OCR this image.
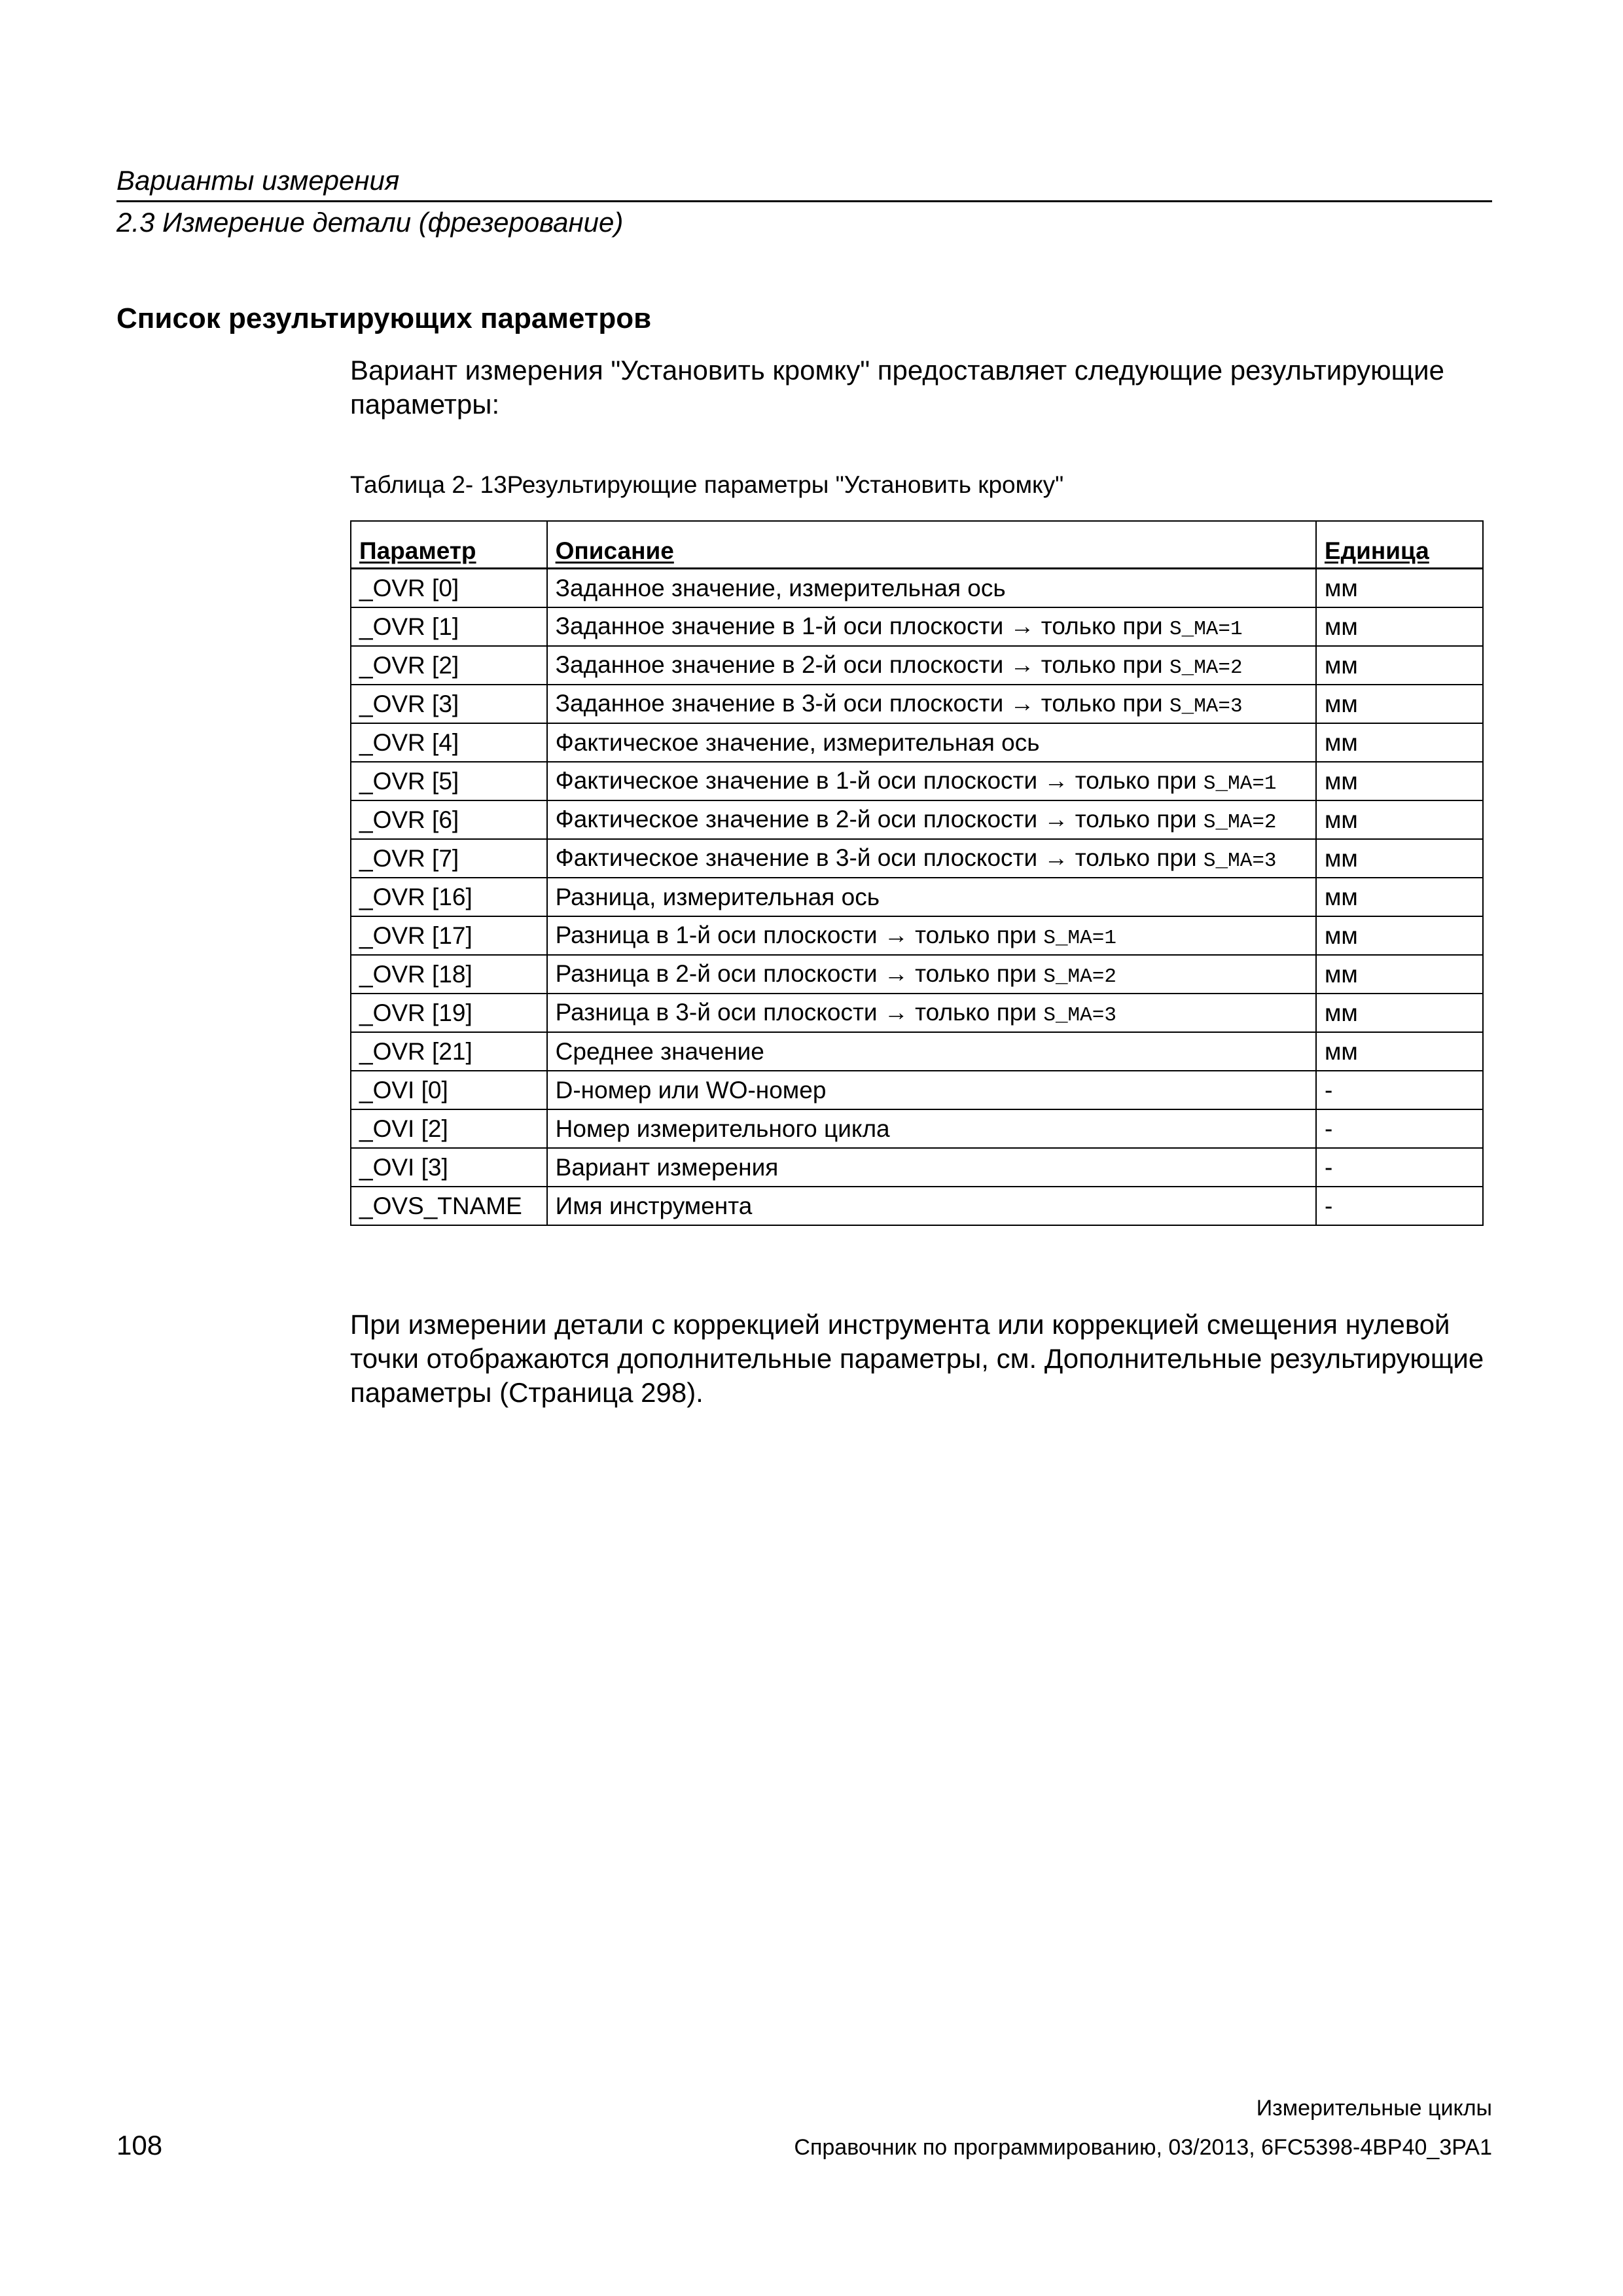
Варианты измерения
2.3 Измерение детали (фрезерование)
Список результирующих параметров
Вариант измерения "Установить кромку" предоставляет следующие результирующие параметры:
Таблица 2- 13Результирующие параметры "Установить кромку"
Параметр	Описание	Единица
_OVR [0]	Заданное значение, измерительная ось	мм
_OVR [1]	Заданное значение в 1-й оси плоскости → только при S_MA=1	мм
_OVR [2]	Заданное значение в 2-й оси плоскости → только при S_MA=2	мм
_OVR [3]	Заданное значение в 3-й оси плоскости → только при S_MA=3	мм
_OVR [4]	Фактическое значение, измерительная ось	мм
_OVR [5]	Фактическое значение в 1-й оси плоскости → только при S_MA=1	мм
_OVR [6]	Фактическое значение в 2-й оси плоскости → только при S_MA=2	мм
_OVR [7]	Фактическое значение в 3-й оси плоскости → только при S_MA=3	мм
_OVR [16]	Разница, измерительная ось	мм
_OVR [17]	Разница в 1-й оси плоскости → только при S_MA=1	мм
_OVR [18]	Разница в 2-й оси плоскости → только при S_MA=2	мм
_OVR [19]	Разница в 3-й оси плоскости → только при S_MA=3	мм
_OVR [21]	Среднее значение	мм
_OVI [0]	D-номер или WO-номер	-
_OVI [2]	Номер измерительного цикла	-
_OVI [3]	Вариант измерения	-
_OVS_TNAME	Имя инструмента	-
При измерении детали с коррекцией инструмента или коррекцией смещения нулевой точки отображаются дополнительные параметры, см. Дополнительные результирующие параметры (Страница 298).
Измерительные циклы
108	Справочник по программированию, 03/2013, 6FC5398-4BP40_3PA1
